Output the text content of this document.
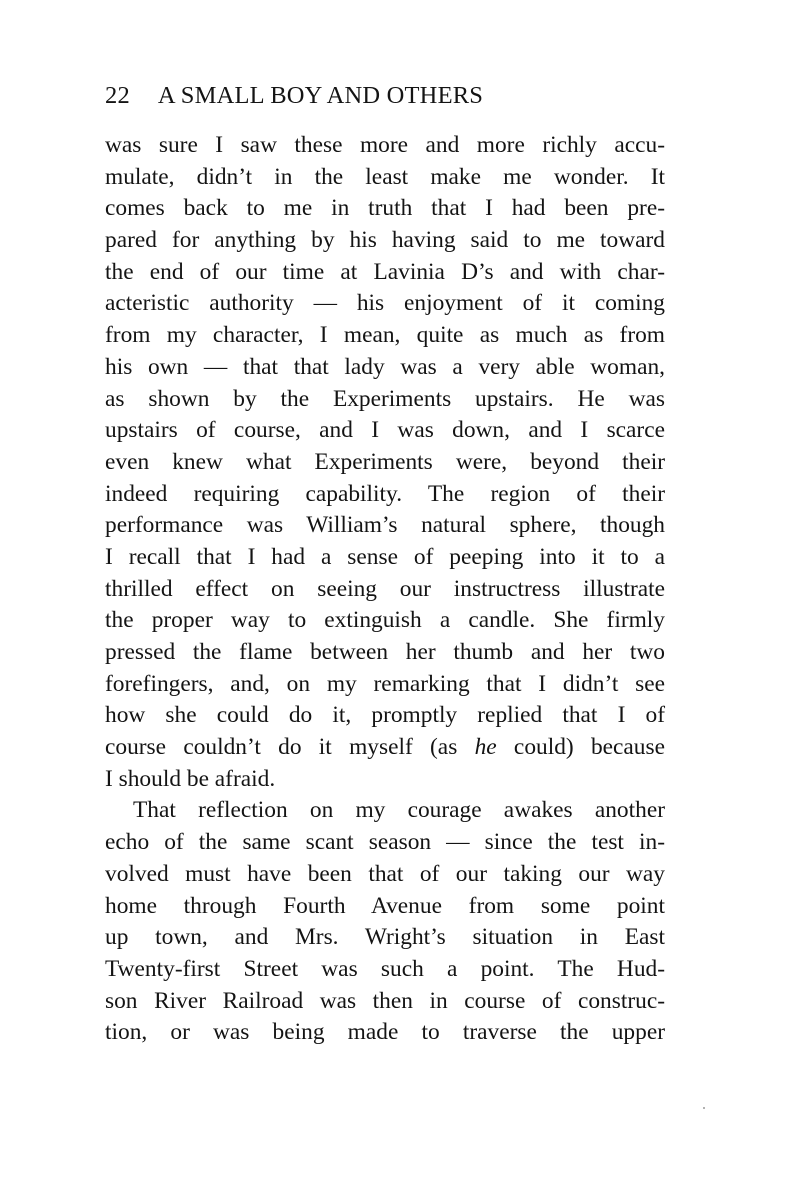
22 A SMALL BOY AND OTHERS
was sure I saw these more and more richly accu-
mulate, didn’t in the least make me wonder. It
comes back to me in truth that I had been pre-
pared for anything by his having said to me toward
the end of our time at Lavinia D’s and with char-
acteristic authority — his enjoyment of it coming
from my character, I mean, quite as much as from
his own — that that lady was a very able woman,
as shown by the Experiments upstairs. He was
upstairs of course, and I was down, and I scarce
even knew what Experiments were, beyond their
indeed requiring capability. The region of their
performance was William’s natural sphere, though
I recall that I had a sense of peeping into it to a
thrilled effect on seeing our instructress illustrate
the proper way to extinguish a candle. She firmly
pressed the flame between her thumb and her two
forefingers, and, on my remarking that I didn’t see
how she could do it, promptly replied that I of
course couldn’t do it myself (as he could) because
I should be afraid.
That reflection on my courage awakes another
echo of the same scant season — since the test in-
volved must have been that of our taking our way
home through Fourth Avenue from some point
up town, and Mrs. Wright’s situation in East
Twenty-first Street was such a point. The Hud-
son River Railroad was then in course of construc-
tion, or was being made to traverse the upper
